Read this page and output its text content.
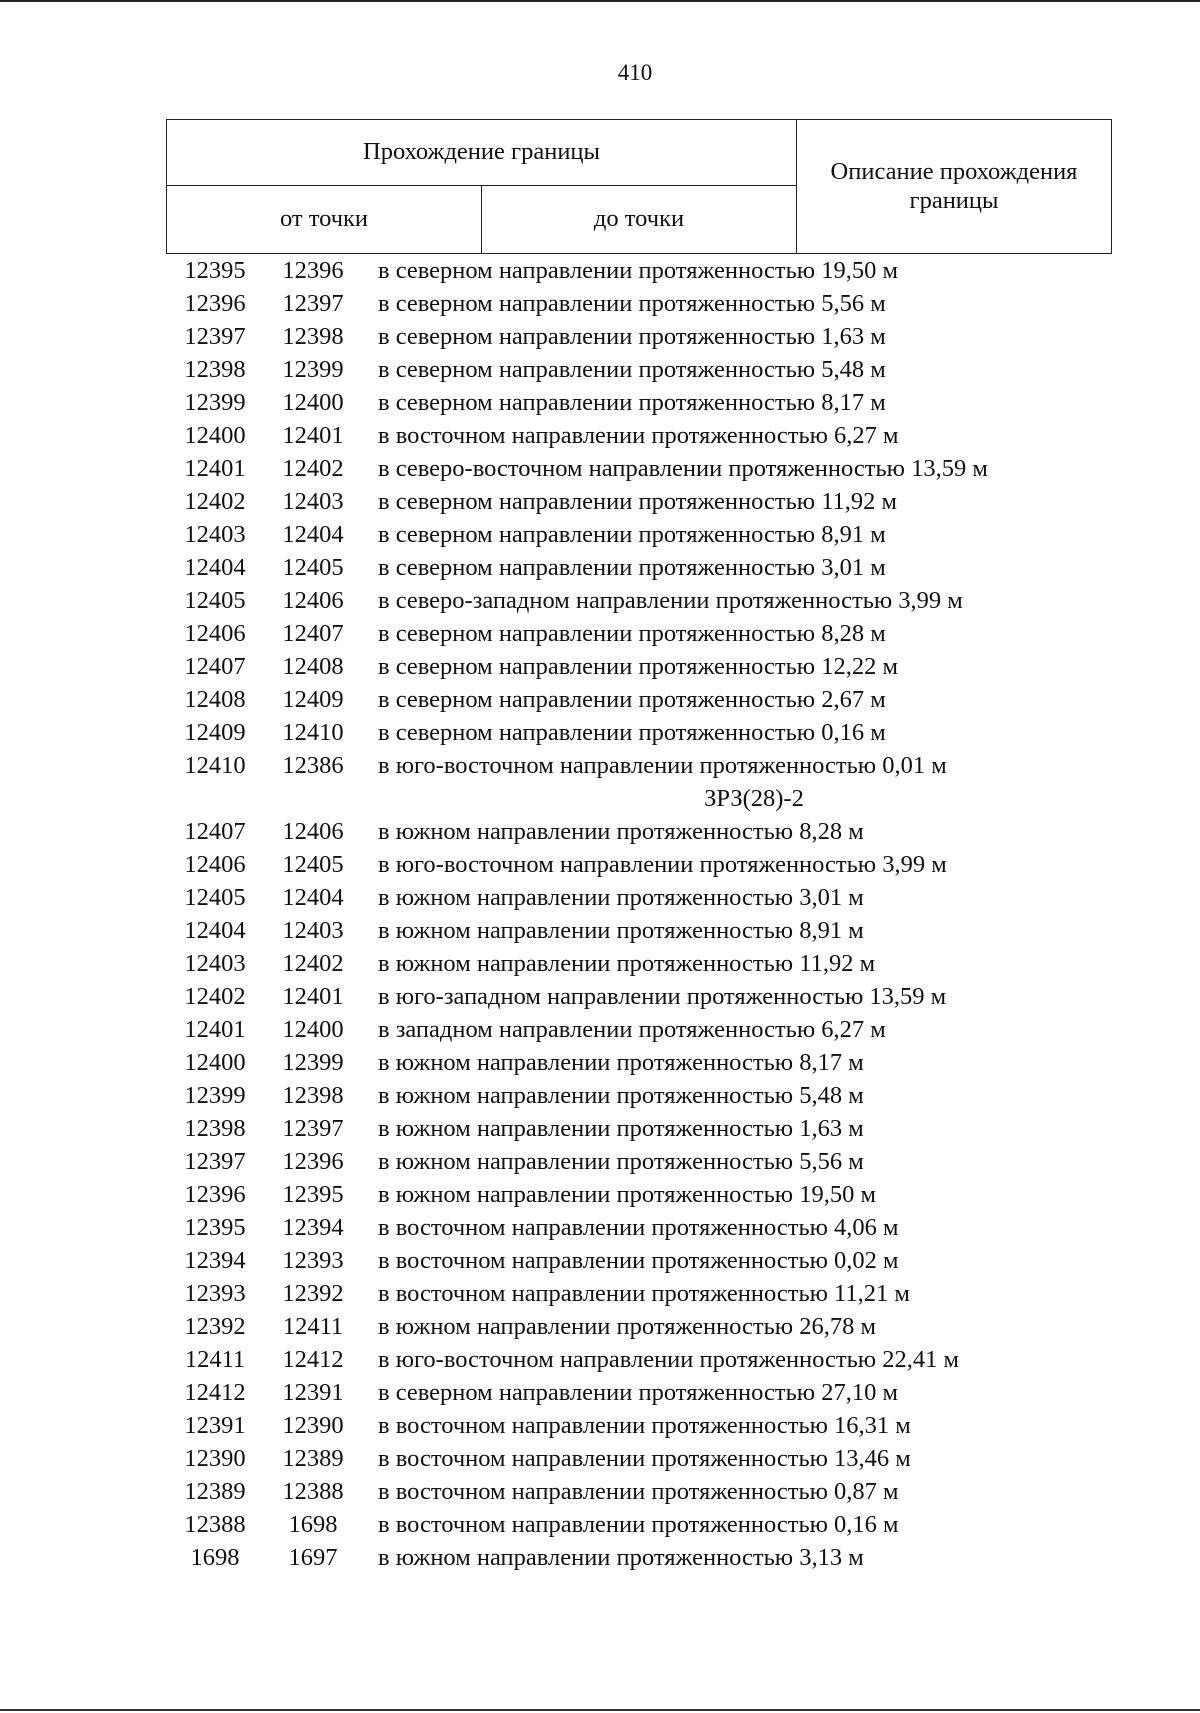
410
Прохождение границы		Описание прохождения границы
от точки	до точки	
12395	12396	в северном направлении протяженностью 19,50 м
12396	12397	в северном направлении протяженностью 5,56 м
12397	12398	в северном направлении протяженностью 1,63 м
12398	12399	в северном направлении протяженностью 5,48 м
12399	12400	в северном направлении протяженностью 8,17 м
12400	12401	в восточном направлении протяженностью 6,27 м
12401	12402	в северо-восточном направлении протяженностью 13,59 м
12402	12403	в северном направлении протяженностью 11,92 м
12403	12404	в северном направлении протяженностью 8,91 м
12404	12405	в северном направлении протяженностью 3,01 м
12405	12406	в северо-западном направлении протяженностью 3,99 м
12406	12407	в северном направлении протяженностью 8,28 м
12407	12408	в северном направлении протяженностью 12,22 м
12408	12409	в северном направлении протяженностью 2,67 м
12409	12410	в северном направлении протяженностью 0,16 м
12410	12386	в юго-восточном направлении протяженностью 0,01 м
ЗРЗ(28)-2
12407	12406	в южном направлении протяженностью 8,28 м
12406	12405	в юго-восточном направлении протяженностью 3,99 м
12405	12404	в южном направлении протяженностью 3,01 м
12404	12403	в южном направлении протяженностью 8,91 м
12403	12402	в южном направлении протяженностью 11,92 м
12402	12401	в юго-западном направлении протяженностью 13,59 м
12401	12400	в западном направлении протяженностью 6,27 м
12400	12399	в южном направлении протяженностью 8,17 м
12399	12398	в южном направлении протяженностью 5,48 м
12398	12397	в южном направлении протяженностью 1,63 м
12397	12396	в южном направлении протяженностью 5,56 м
12396	12395	в южном направлении протяженностью 19,50 м
12395	12394	в восточном направлении протяженностью 4,06 м
12394	12393	в восточном направлении протяженностью 0,02 м
12393	12392	в восточном направлении протяженностью 11,21 м
12392	12411	в южном направлении протяженностью 26,78 м
12411	12412	в юго-восточном направлении протяженностью 22,41 м
12412	12391	в северном направлении протяженностью 27,10 м
12391	12390	в восточном направлении протяженностью 16,31 м
12390	12389	в восточном направлении протяженностью 13,46 м
12389	12388	в восточном направлении протяженностью 0,87 м
12388	1698	в восточном направлении протяженностью 0,16 м
1698	1697	в южном направлении протяженностью 3,13 м
